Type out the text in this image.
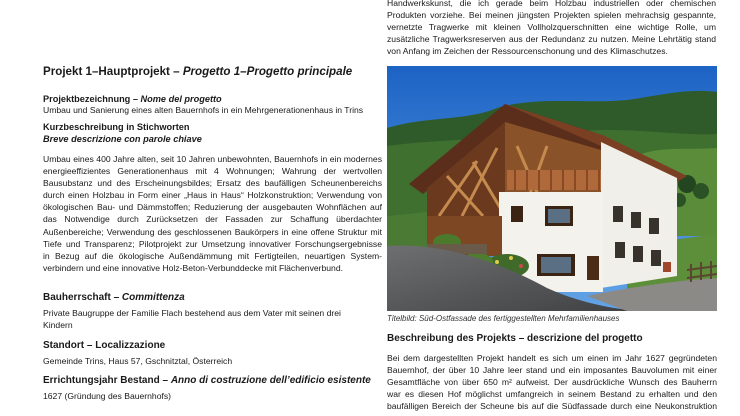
Handwerkskunst, die ich gerade beim Holzbau industriellen oder chemischen
Produkten vorziehe. Bei meinen jüngsten Projekten spielen mehrachsig gespannte,
vernetzte Tragwerke mit kleinen Vollholzquerschnitten eine wichtige Rolle, um
zusätzliche Tragwerksreserven aus der Redundanz zu nutzen. Meine Lehrtätig stand
von Anfang im Zeichen der Ressourcenschonung und des Klimaschutzes.
Projekt 1–Hauptprojekt – Progetto 1–Progetto principale
Projektbezeichnung – Nome del progetto
Umbau und Sanierung eines alten Bauernhofs in ein Mehrgenerationenhaus in Trins
Kurzbeschreibung in Stichworten
Breve descrizione con parole chiave
Umbau eines 400 Jahre alten, seit 10 Jahren unbewohnten, Bauernhofs in ein modernes
energieeffizientes Generationenhaus mit 4 Wohnungen; Wahrung der wertvollen
Bausubstanz und des Erscheinungsbildes; Ersatz des baufälligen Scheunenbereichs
durch einen Holzbau in Form einer „Haus in Haus“ Holzkonstruktion; Verwendung von
ökologischen Bau- und Dämmstoffen; Reduzierung der ausgebauten Wohnflächen auf
das Notwendige durch Zurücksetzen der Fassaden zur Schaffung überdachter
Außenbereiche; Verwendung des geschlossenen Baukörpers in eine offene Struktur mit
Tiefe und Transparenz; Pilotprojekt zur Umsetzung innovativer Forschungsergebnisse
in Bezug auf die ökologische Außendämmung mit Fertigteilen, neuartigen System-
verbindern und eine innovative Holz-Beton-Verbunddecke mit Flächenverbund.
Bauherrschaft – Committenza
Private Baugruppe der Familie Flach bestehend aus dem Vater mit seinen drei
Kindern
Standort – Localizzazione
Gemeinde Trins, Haus 57, Gschnitztal, Österreich
Errichtungsjahr Bestand – Anno di costruzione dell’edificio esistente
1627 (Gründung des Bauernhofs)
Titelbild: Süd-Ostfassade des fertiggestellten Mehrfamilienhauses
Beschreibung des Projekts – descrizione del progetto
Bei dem dargestellten Projekt handelt es sich um einen im Jahr 1627 gegründeten
Bauernhof, der über 10 Jahre leer stand und ein imposantes Bauvolumen mit einer
Gesamtfläche von über 650 m² aufweist. Der ausdrückliche Wunsch des Bauherrn
war es diesen Hof möglichst umfangreich in seinem Bestand zu erhalten und den
baufälligen Bereich der Scheune bis auf die Südfassade durch eine Neukonstruktion
